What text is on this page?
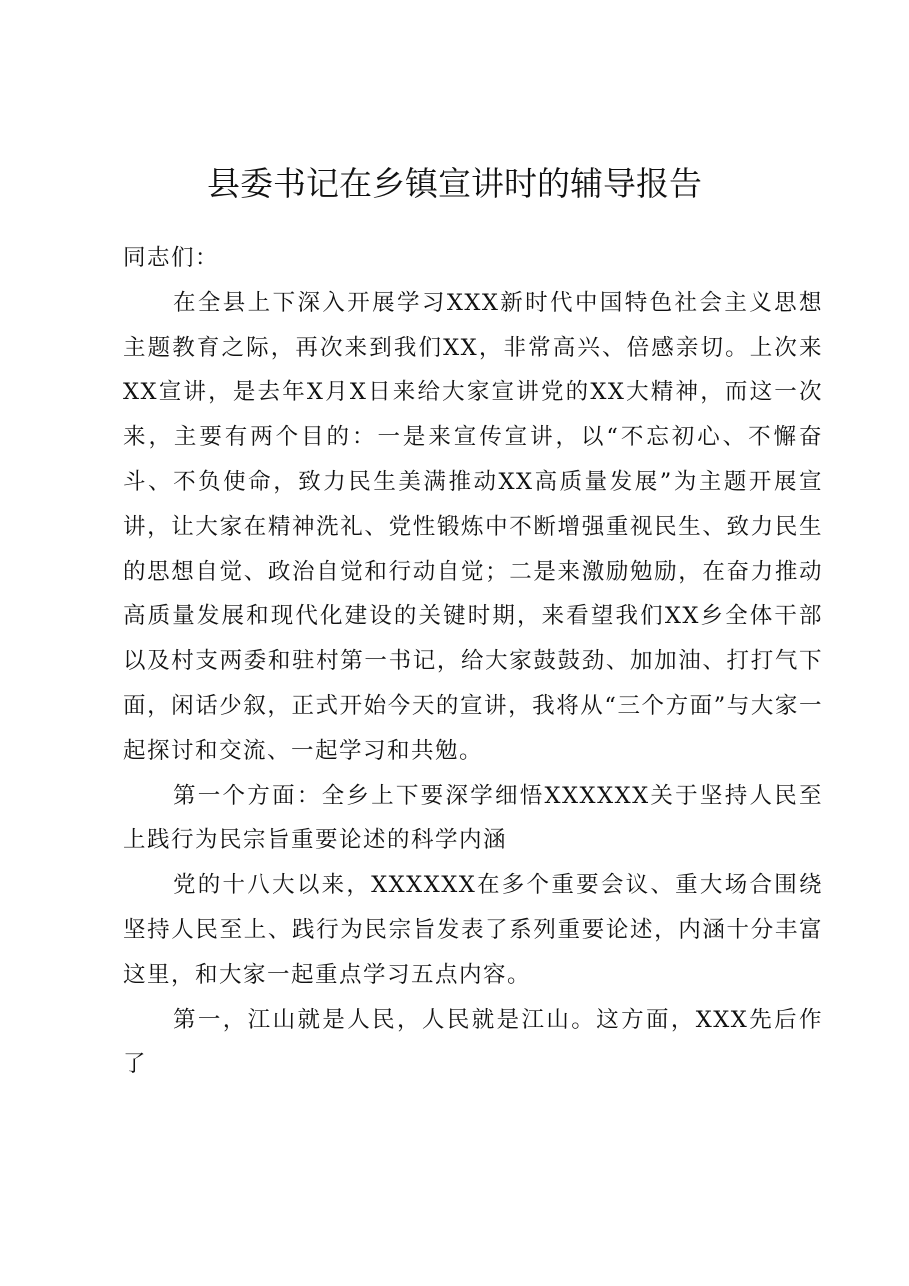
县委书记在乡镇宣讲时的辅导报告

同志们：

在全县上下深入开展学习XXX新时代中国特色社会主义思想主题教育之际，再次来到我们XX，非常高兴、倍感亲切。上次来XX宣讲，是去年X月X日来给大家宣讲党的XX大精神，而这一次来，主要有两个目的：一是来宣传宣讲，以“不忘初心、不懈奋斗、不负使命，致力民生美满推动XX高质量发展”为主题开展宣讲，让大家在精神洗礼、党性锻炼中不断增强重视民生、致力民生的思想自觉、政治自觉和行动自觉；二是来激励勉励，在奋力推动高质量发展和现代化建设的关键时期，来看望我们XX乡全体干部以及村支两委和驻村第一书记，给大家鼓鼓劲、加加油、打打气下面，闲话少叙，正式开始今天的宣讲，我将从“三个方面”与大家一起探讨和交流、一起学习和共勉。

第一个方面：全乡上下要深学细悟XXXXXX关于坚持人民至上践行为民宗旨重要论述的科学内涵

党的十八大以来，XXXXXX在多个重要会议、重大场合围绕坚持人民至上、践行为民宗旨发表了系列重要论述，内涵十分丰富这里，和大家一起重点学习五点内容。

第一，江山就是人民，人民就是江山。这方面，XXX先后作了
